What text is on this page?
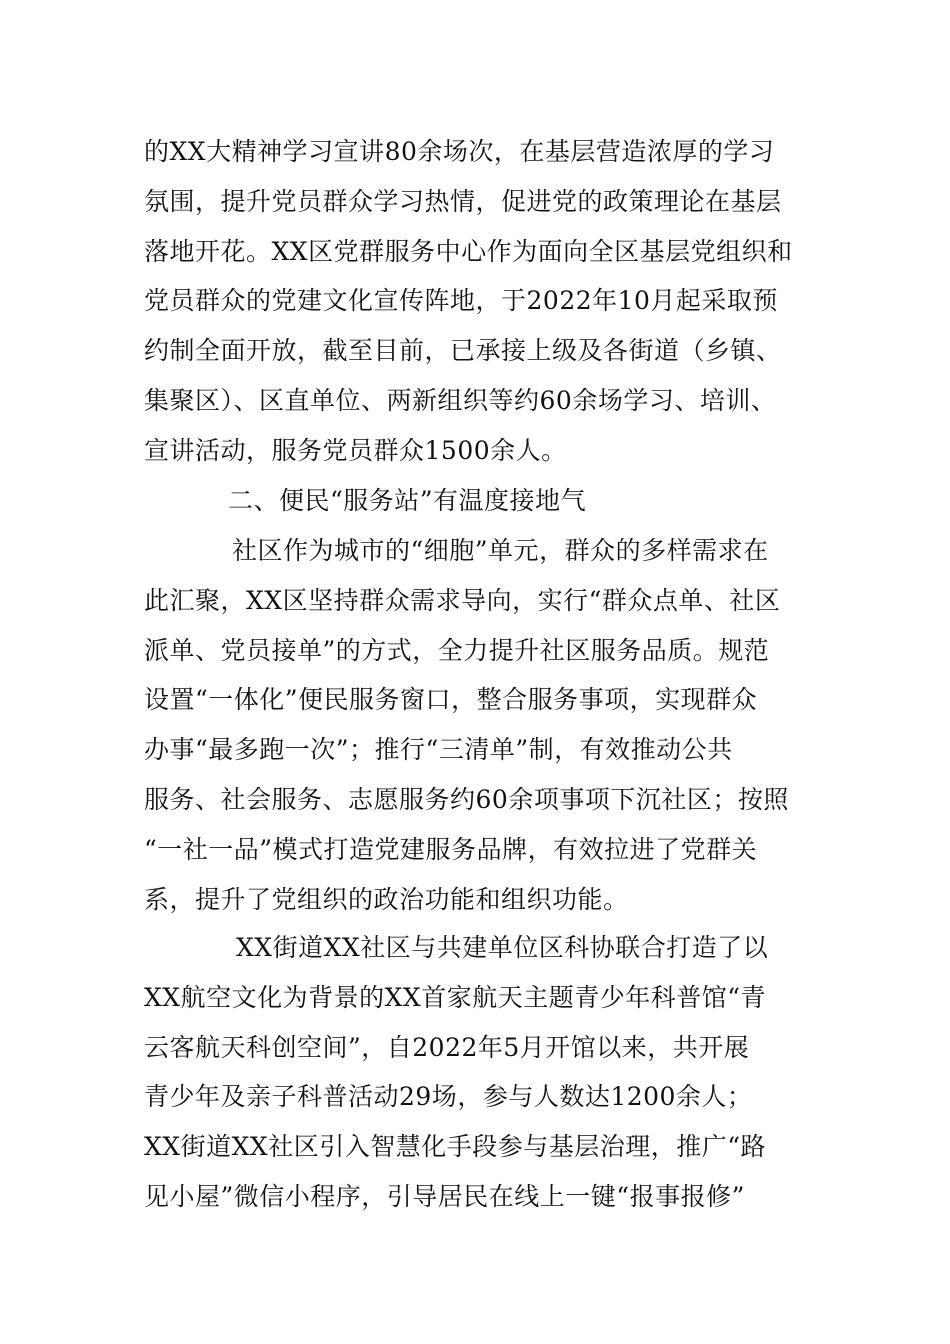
的XX大精神学习宣讲80余场次，在基层营造浓厚的学习
氛围，提升党员群众学习热情，促进党的政策理论在基层
落地开花。XX区党群服务中心作为面向全区基层党组织和
党员群众的党建文化宣传阵地，于2022年10月起采取预
约制全面开放，截至目前，已承接上级及各街道（乡镇、
集聚区）、区直单位、两新组织等约60余场学习、培训、
宣讲活动，服务党员群众1500余人。
二、便民“服务站”有温度接地气
社区作为城市的“细胞”单元，群众的多样需求在
此汇聚，XX区坚持群众需求导向，实行“群众点单、社区
派单、党员接单”的方式，全力提升社区服务品质。规范
设置“一体化”便民服务窗口，整合服务事项，实现群众
办事“最多跑一次”；推行“三清单”制，有效推动公共
服务、社会服务、志愿服务约60余项事项下沉社区；按照
“一社一品”模式打造党建服务品牌，有效拉进了党群关
系，提升了党组织的政治功能和组织功能。
XX街道XX社区与共建单位区科协联合打造了以
XX航空文化为背景的XX首家航天主题青少年科普馆“青
云客航天科创空间”，自2022年5月开馆以来，共开展
青少年及亲子科普活动29场，参与人数达1200余人；
XX街道XX社区引入智慧化手段参与基层治理，推广“路
见小屋”微信小程序，引导居民在线上一键“报事报修”
